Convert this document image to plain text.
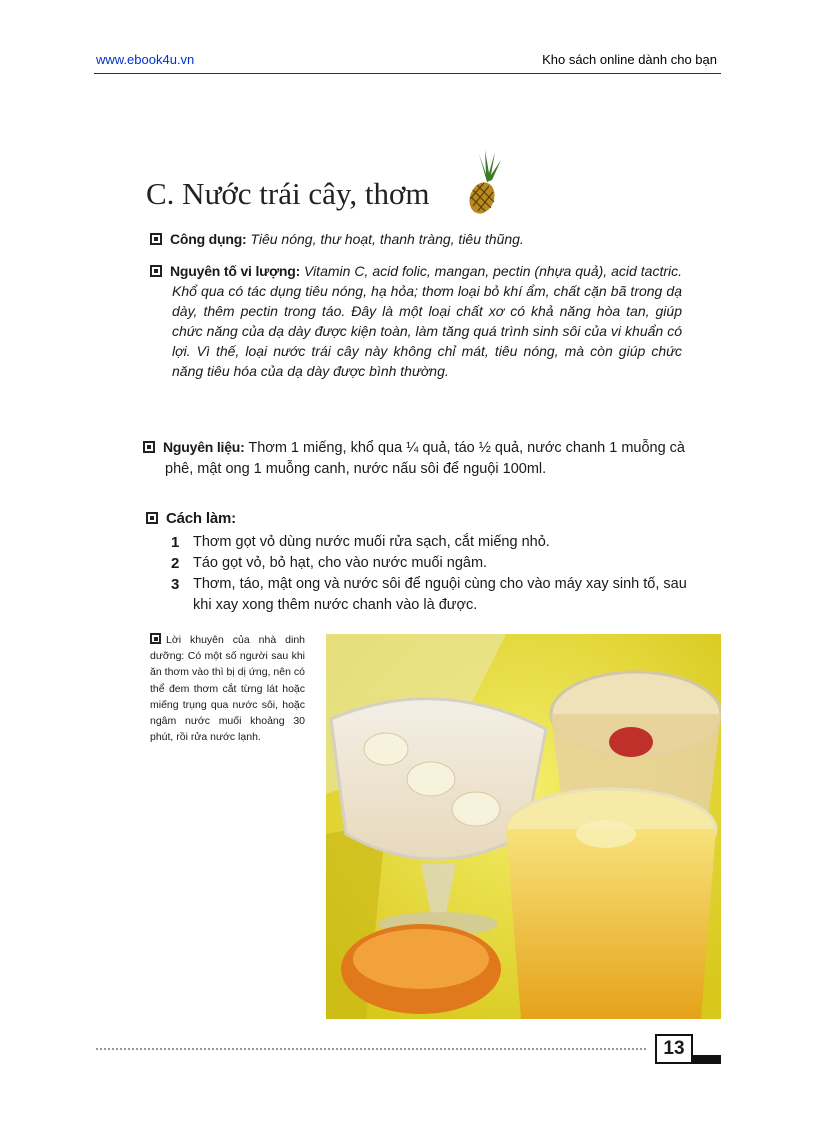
www.ebook4u.vn	Kho sách online dành cho bạn
C. Nước trái cây, thơm
Công dụng: Tiêu nóng, thư hoạt, thanh tràng, tiêu thũng.
Nguyên tố vi lượng: Vitamin C, acid folic, mangan, pectin (nhựa quả), acid tactric. Khổ qua có tác dụng tiêu nóng, hạ hỏa; thơm loại bỏ khí ẩm, chất cặn bã trong dạ dày, thêm pectin trong táo. Đây là một loại chất xơ có khả năng hòa tan, giúp chức năng của dạ dày được kiện toàn, làm tăng quá trình sinh sôi của vi khuẩn có lợi. Vì thế, loại nước trái cây này không chỉ mát, tiêu nóng, mà còn giúp chức năng tiêu hóa của dạ dày được bình thường.
Nguyên liệu: Thơm 1 miếng, khổ qua ¼ quả, táo ½ quả, nước chanh 1 muỗng cà phê, mật ong 1 muỗng canh, nước nấu sôi để nguội 100ml.
Cách làm:
1 Thơm gọt vỏ dùng nước muối rửa sạch, cắt miếng nhỏ.
2 Táo gọt vỏ, bỏ hạt, cho vào nước muối ngâm.
3 Thơm, táo, mật ong và nước sôi để nguội cùng cho vào máy xay sinh tố, sau khi xay xong thêm nước chanh vào là được.
Lời khuyên của nhà dinh dưỡng: Có một số người sau khi ăn thơm vào thì bị dị ứng, nên có thể đem thơm cắt từng lát hoặc miếng trụng qua nước sôi, hoặc ngâm nước muối khoảng 30 phút, rồi rửa nước lạnh.
13
